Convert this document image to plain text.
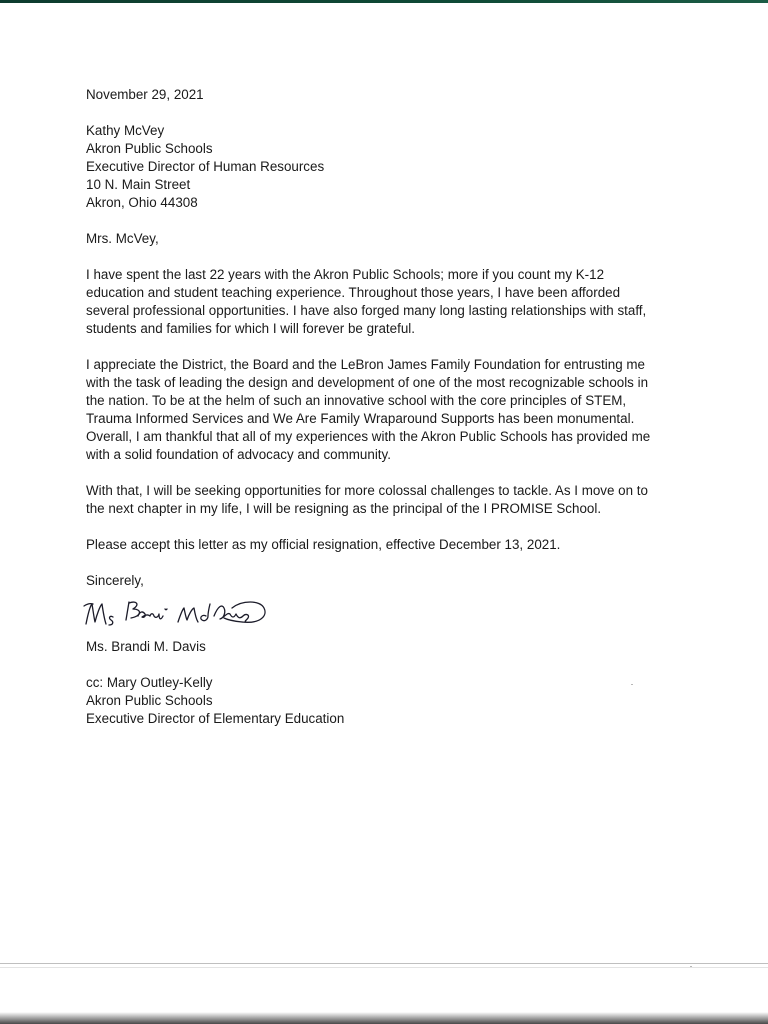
November 29, 2021
Kathy McVey
Akron Public Schools
Executive Director of Human Resources
10 N. Main Street
Akron, Ohio 44308
Mrs. McVey,
I have spent the last 22 years with the Akron Public Schools; more if you count my K-12
education and student teaching experience. Throughout those years, I have been afforded
several professional opportunities. I have also forged many long lasting relationships with staff,
students and families for which I will forever be grateful.
I appreciate the District, the Board and the LeBron James Family Foundation for entrusting me
with the task of leading the design and development of one of the most recognizable schools in
the nation. To be at the helm of such an innovative school with the core principles of STEM,
Trauma Informed Services and We Are Family Wraparound Supports has been monumental.
Overall, I am thankful that all of my experiences with the Akron Public Schools has provided me
with a solid foundation of advocacy and community.
With that, I will be seeking opportunities for more colossal challenges to tackle. As I move on to
the next chapter in my life, I will be resigning as the principal of the I PROMISE School.
Please accept this letter as my official resignation, effective December 13, 2021.
Sincerely,
Ms. Brandi M. Davis
cc: Mary Outley-Kelly
Akron Public Schools
Executive Director of Elementary Education
